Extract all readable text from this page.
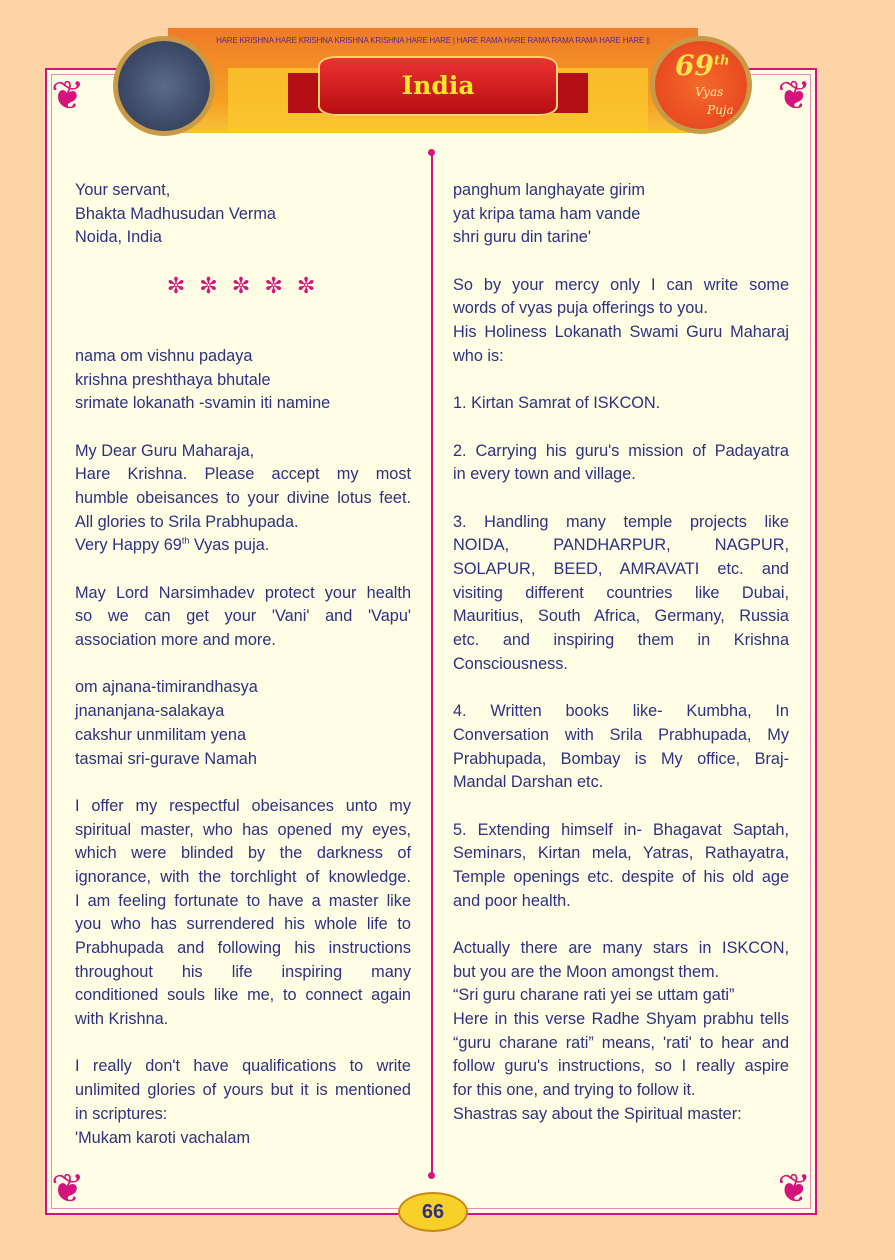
❦	❦
❦	❦
HARE KRISHNA HARE KRISHNA KRISHNA KRISHNA HARE HARE | HARE RAMA HARE RAMA RAMA RAMA HARE HARE ||
India
69th
Vyas
Puja
Your servant,
Bhakta Madhusudan Verma
Noida, India
✼ ✼ ✼ ✼ ✼
nama om vishnu padaya
krishna preshthaya bhutale
srimate lokanath -svamin iti namine
My Dear Guru Maharaja,
Hare Krishna. Please accept my most
humble obeisances to your divine lotus feet.
All glories to Srila Prabhupada.
Very Happy 69th Vyas puja.
May Lord Narsimhadev protect your health
so we can get your 'Vani' and 'Vapu'
association more and more.
om ajnana-timirandhasya
jnananjana-salakaya
cakshur unmilitam yena
tasmai sri-gurave Namah
I offer my respectful obeisances unto my
spiritual master, who has opened my eyes,
which were blinded by the darkness of
ignorance, with the torchlight of knowledge.
I am feeling fortunate to have a master like
you who has surrendered his whole life to
Prabhupada and following his instructions
throughout his life inspiring many
conditioned souls like me, to connect again
with Krishna.
I really don't have qualifications to write
unlimited glories of yours but it is mentioned
in scriptures:
'Mukam karoti vachalam
panghum langhayate girim
yat kripa tama ham vande
shri guru din tarine'
So by your mercy only I can write some
words of vyas puja offerings to you.
His Holiness Lokanath Swami Guru Maharaj
who is:
1. Kirtan Samrat of ISKCON.
2. Carrying his guru's mission of Padayatra
in every town and village.
3. Handling many temple projects like
NOIDA, PANDHARPUR, NAGPUR,
SOLAPUR, BEED, AMRAVATI etc. and
visiting different countries like Dubai,
Mauritius, South Africa, Germany, Russia
etc. and inspiring them in Krishna
Consciousness.
4. Written books like- Kumbha, In
Conversation with Srila Prabhupada, My
Prabhupada, Bombay is My office, Braj-
Mandal Darshan etc.
5. Extending himself in- Bhagavat Saptah,
Seminars, Kirtan mela, Yatras, Rathayatra,
Temple openings etc. despite of his old age
and poor health.
Actually there are many stars in ISKCON,
but you are the Moon amongst them.
“Sri guru charane rati yei se uttam gati”
Here in this verse Radhe Shyam prabhu tells
“guru charane rati” means, 'rati' to hear and
follow guru's instructions, so I really aspire
for this one, and trying to follow it.
Shastras say about the Spiritual master:
66
